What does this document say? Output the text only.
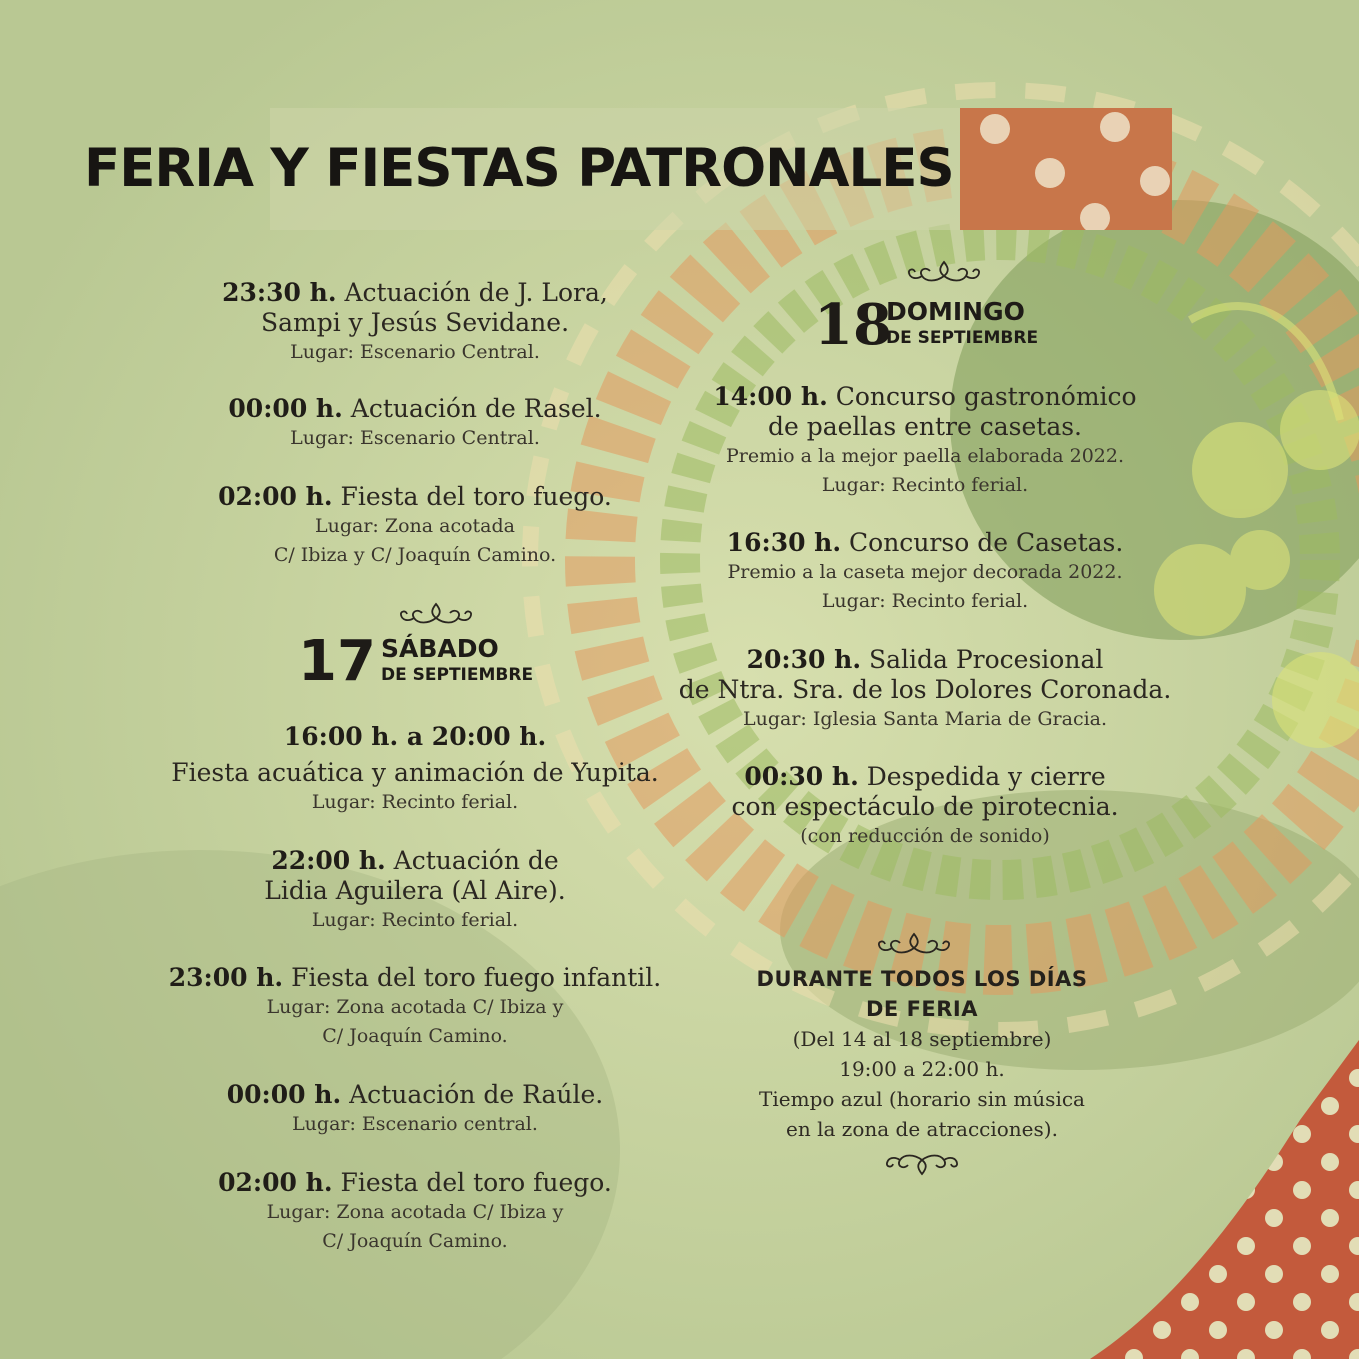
FERIA Y FIESTAS PATRONALES
23:30 h. Actuación de J. Lora,
Sampi y Jesús Sevidane.
Lugar: Escenario Central.
00:00 h. Actuación de Rasel.
Lugar: Escenario Central.
02:00 h. Fiesta del toro fuego.
Lugar: Zona acotada
C/ Ibiza y C/ Joaquín Camino.
17 SÁBADO
DE SEPTIEMBRE
16:00 h. a 20:00 h.
Fiesta acuática y animación de Yupita.
Lugar: Recinto ferial.
22:00 h. Actuación de
Lidia Aguilera (Al Aire).
Lugar: Recinto ferial.
23:00 h. Fiesta del toro fuego infantil.
Lugar: Zona acotada C/ Ibiza y
C/ Joaquín Camino.
00:00 h. Actuación de Raúle.
Lugar: Escenario central.
02:00 h. Fiesta del toro fuego.
Lugar: Zona acotada C/ Ibiza y
C/ Joaquín Camino.
18
DOMINGO
DE SEPTIEMBRE
14:00 h. Concurso gastronómico
de paellas entre casetas.
Premio a la mejor paella elaborada 2022.
Lugar: Recinto ferial.
16:30 h. Concurso de Casetas.
Premio a la caseta mejor decorada 2022.
Lugar: Recinto ferial.
20:30 h. Salida Procesional
de Ntra. Sra. de los Dolores Coronada.
Lugar: Iglesia Santa Maria de Gracia.
00:30 h. Despedida y cierre
con espectáculo de pirotecnia.
(con reducción de sonido)
DURANTE TODOS LOS DÍAS
DE FERIA
(Del 14 al 18 septiembre)
19:00 a 22:00 h.
Tiempo azul (horario sin música
en la zona de atracciones).
